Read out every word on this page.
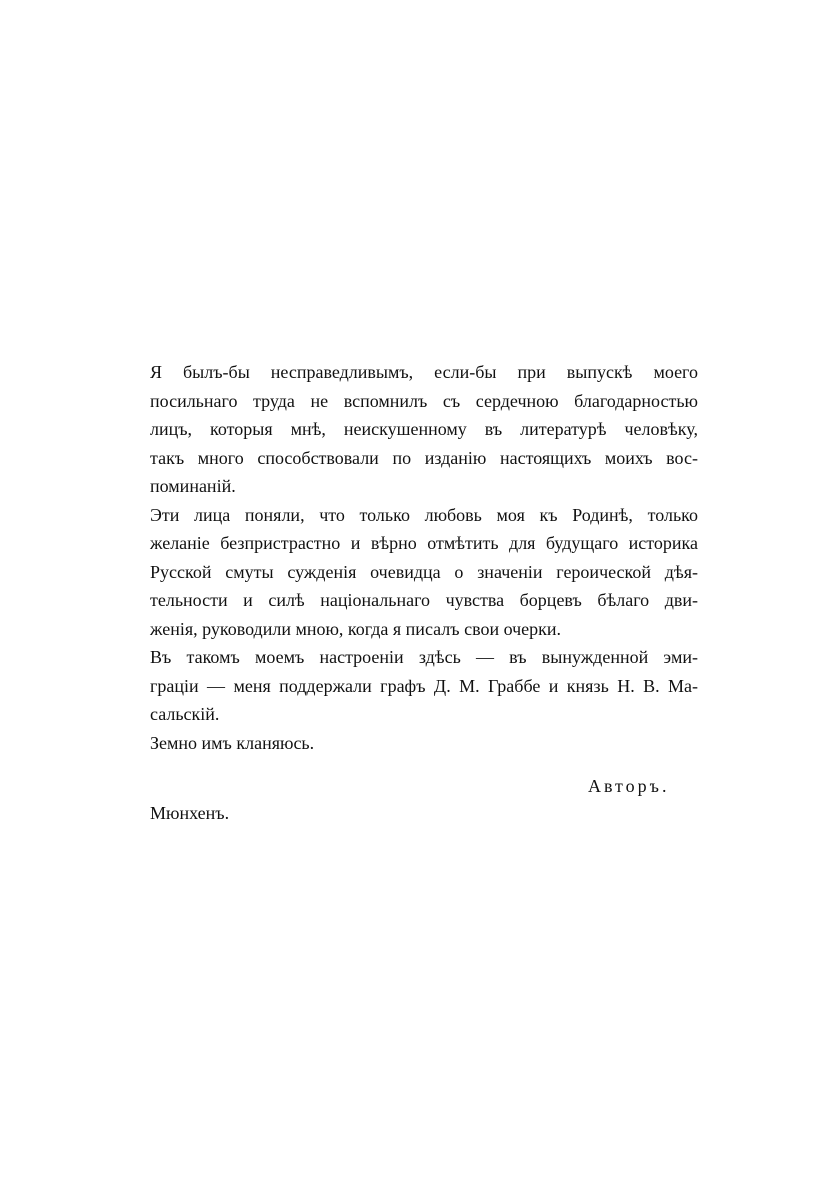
Я былъ-бы несправедливымъ, если-бы при выпускѣ моего
посильнаго труда не вспомнилъ съ сердечною благодарностью
лицъ, которыя мнѣ, неискушенному въ литературѣ человѣку,
такъ много способствовали по изданію настоящихъ моихъ вос-
поминаній.
Эти лица поняли, что только любовь моя къ Родинѣ, только
желаніе безпристрастно и вѣрно отмѣтить для будущаго историка
Русской смуты сужденія очевидца о значеніи героической дѣя-
тельности и силѣ національнаго чувства борцевъ бѣлаго дви-
женія, руководили мною, когда я писалъ свои очерки.
Въ такомъ моемъ настроеніи здѣсь — въ вынужденной эми-
граціи — меня поддержали графъ Д. М. Граббе и князь Н. В. Ма-
сальскій.
Земно имъ кланяюсь.
Авторъ.
Мюнхенъ.
